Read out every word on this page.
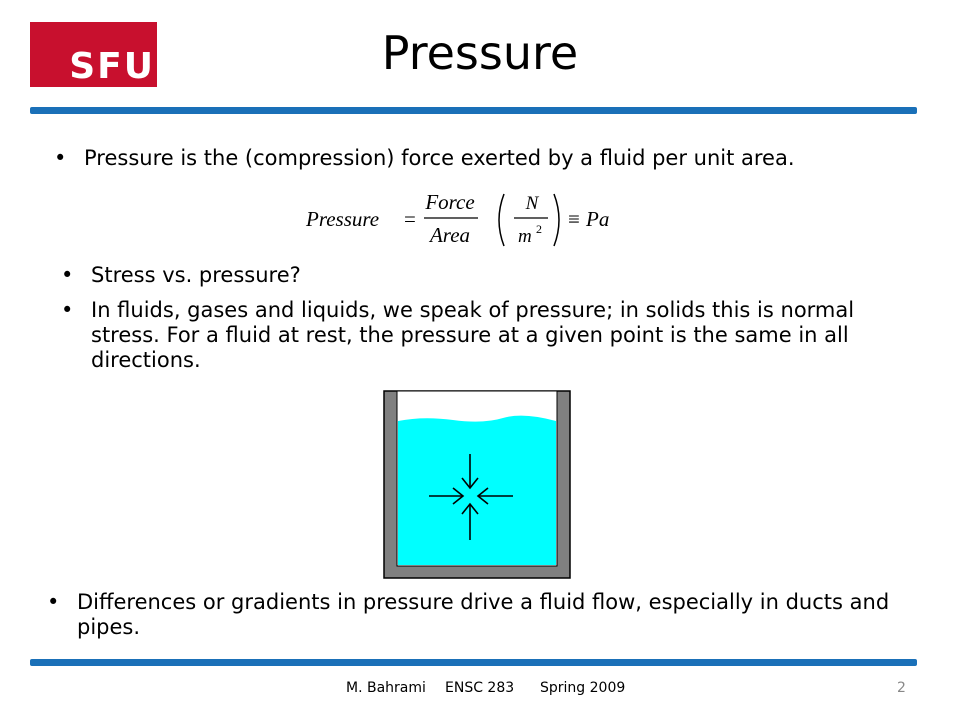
SFU	Pressure
• Pressure is the (compression) force exerted by a fluid per unit area.
Pressure =
Force
Area
N
m 2 ≡ Pa
• Stress vs. pressure?
• In fluids, gases and liquids, we speak of pressure; in solids this is normal stress. For a fluid at rest, the pressure at a given point is the same in all directions.
• Differences or gradients in pressure drive a fluid flow, especially in ducts and pipes.
M. Bahrami ENSC 283 Spring 2009	2
